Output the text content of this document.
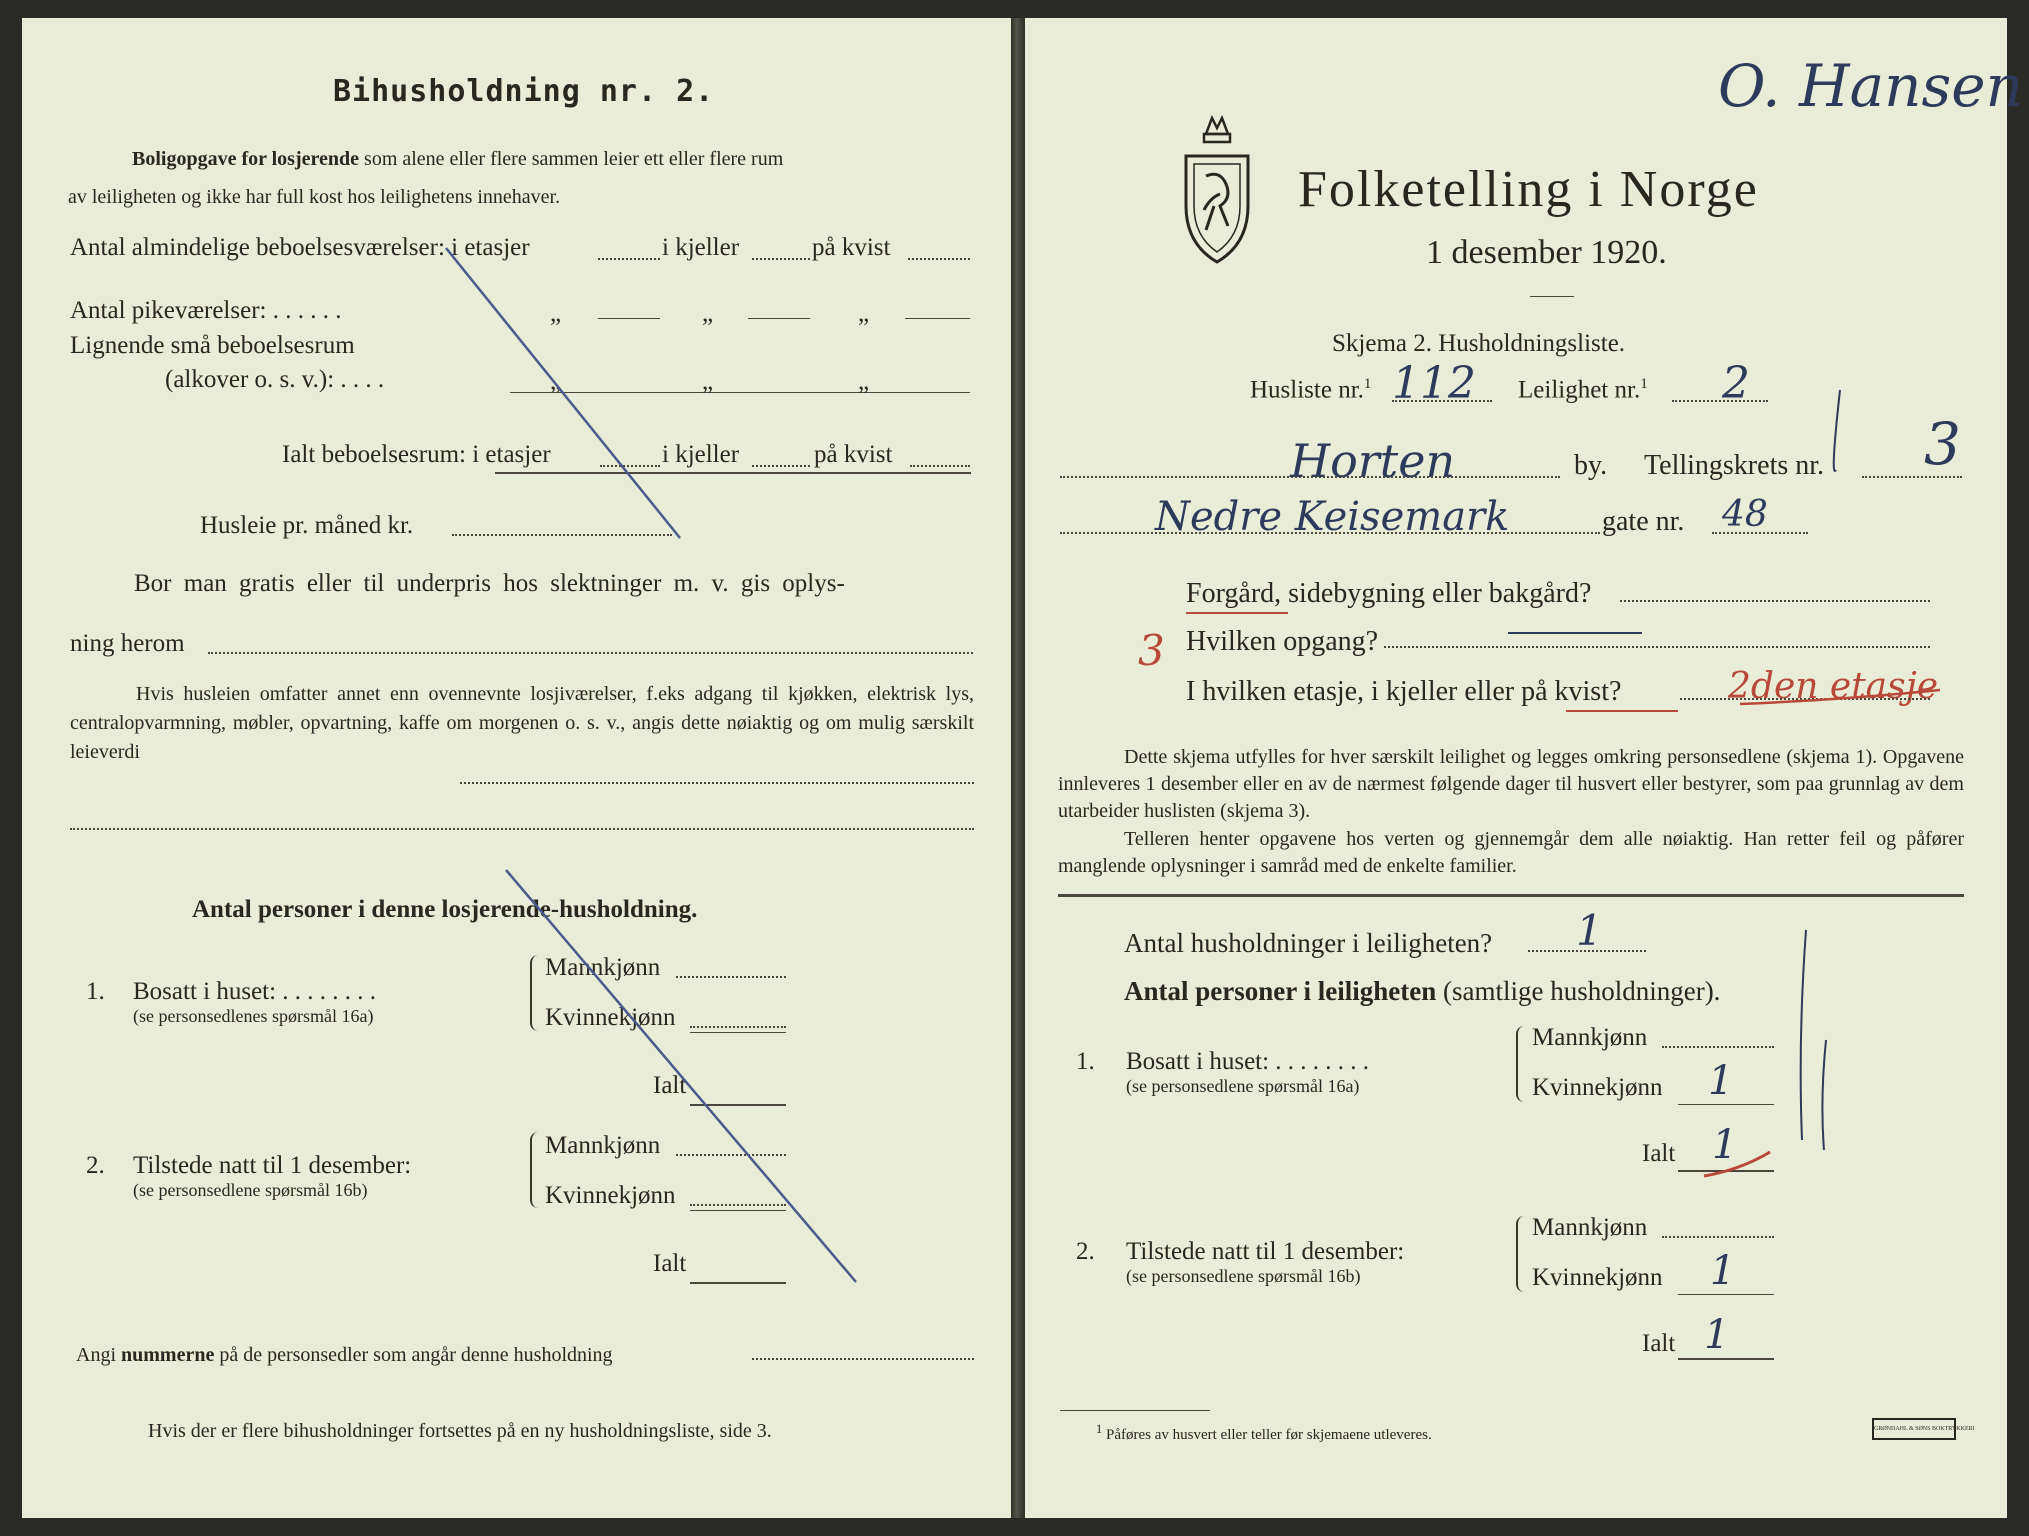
Bihusholdning nr. 2.
Boligopgave for losjerende som alene eller flere sammen leier ett eller flere rum
av leiligheten og ikke har full kost hos leilighetens innehaver.
Antal almindelige beboelsesværelser: i etasjer	i kjeller	på kvist
Antal pikeværelser: . . . . . .	„	„	„
Lignende små beboelsesrum
(alkover o. s. v.): . . . .	„	„	„
Ialt beboelsesrum: i etasjer	i kjeller	på kvist
Husleie pr. måned kr.
Bor man gratis eller til underpris hos slektninger m. v. gis oplys-
ning herom
Hvis husleien omfatter annet enn ovennevnte losjiværelser, f.eks adgang til kjøkken, elektrisk lys, centralopvarmning, møbler, opvartning, kaffe om morgenen o. s. v., angis dette nøiaktig og om mulig særskilt leieverdi
Antal personer i denne losjerende-husholdning.
1. Bosatt i huset: . . . . . . . .
(se personsedlenes spørsmål 16a)
Mannkjønn
Kvinnekjønn
Ialt
2. Tilstede natt til 1 desember:
(se personsedlene spørsmål 16b)
Mannkjønn
Kvinnekjønn
Ialt
Angi nummerne på de personsedler som angår denne husholdning
Hvis der er flere bihusholdninger fortsettes på en ny husholdningsliste, side 3.
O. Hansen
Folketelling i Norge
1 desember 1920.
Skjema 2. Husholdningsliste.
Husliste nr.$^1$ 112 Leilighet nr.$^1$ 2
Horten	by. Tellingskrets nr. 3
Nedre Keisemark	gate nr. 48
Forgård, sidebygning eller bakgård?
3 Hvilken opgang?
I hvilken etasje, i kjeller eller på kvist?	2den etasje
Dette skjema utfylles for hver særskilt leilighet og legges omkring personsedlene (skjema 1). Opgavene innleveres 1 desember eller en av de nærmest følgende dager til husvert eller bestyrer, som paa grunnlag av dem utarbeider huslisten (skjema 3).
Telleren henter opgavene hos verten og gjennemgår dem alle nøiaktig. Han retter feil og påfører manglende oplysninger i samråd med de enkelte familier.
Antal husholdninger i leiligheten? 1
Antal personer i leiligheten (samtlige husholdninger).
1. Bosatt i huset: . . . . . . . .
(se personsedlene spørsmål 16a)
Mannkjønn
Kvinnekjønn 1
Ialt 1
2. Tilstede natt til 1 desember:
(se personsedlene spørsmål 16b)
Mannkjønn
Kvinnekjønn 1
Ialt 1
$^1$ Påføres av husvert eller teller før skjemaene utleveres.	GRØNDAHL & SØNS BOKTRYKKERI
